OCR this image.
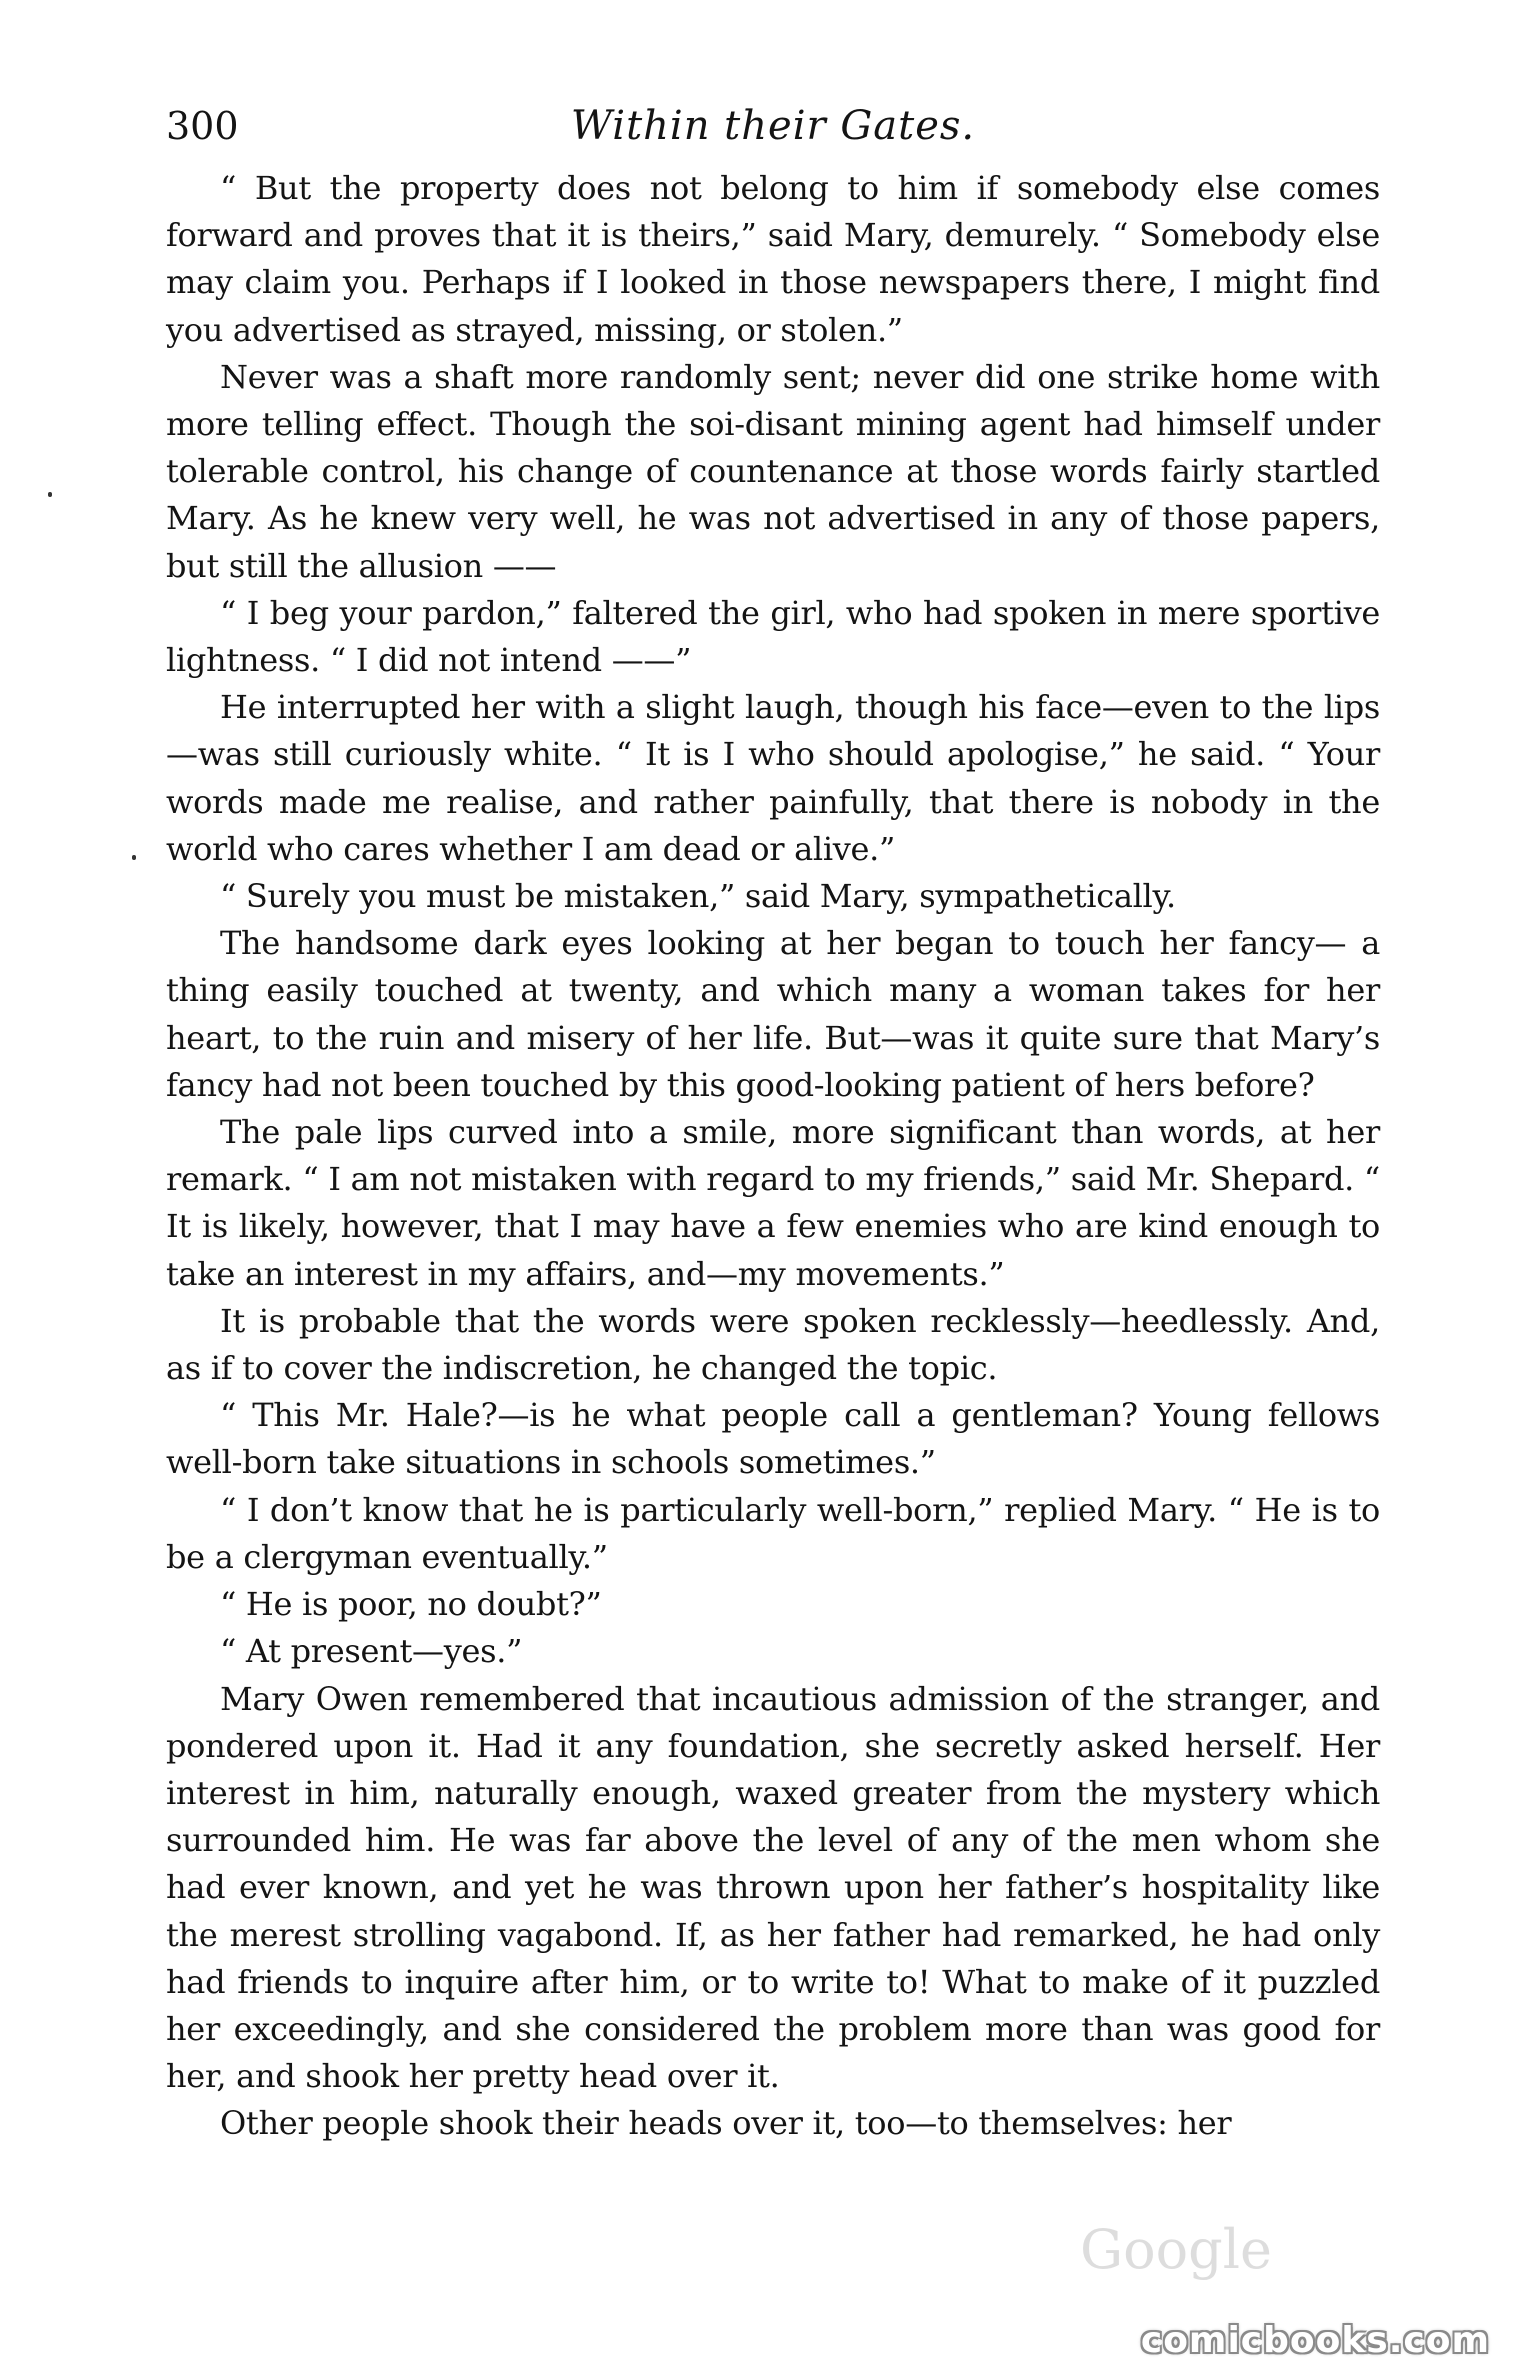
300	Within their Gates.

“ But the property does not belong to him if somebody else comes forward and proves that it is theirs,” said Mary, demurely. “ Somebody else may claim you. Perhaps if I looked in those newspapers there, I might find you advertised as strayed, missing, or stolen.”

Never was a shaft more randomly sent; never did one strike home with more telling effect. Though the soi-disant mining agent had himself under tolerable control, his change of countenance at those words fairly startled Mary. As he knew very well, he was not advertised in any of those papers, but still the allusion ——

“ I beg your pardon,” faltered the girl, who had spoken in mere sportive lightness. “ I did not intend ——”

He interrupted her with a slight laugh, though his face—even to the lips—was still curiously white. “ It is I who should apologise,” he said. “ Your words made me realise, and rather painfully, that there is nobody in the world who cares whether I am dead or alive.”

“ Surely you must be mistaken,” said Mary, sympathetically.

The handsome dark eyes looking at her began to touch her fancy— a thing easily touched at twenty, and which many a woman takes for her heart, to the ruin and misery of her life. But—was it quite sure that Mary’s fancy had not been touched by this good-looking patient of hers before?

The pale lips curved into a smile, more significant than words, at her remark. “ I am not mistaken with regard to my friends,” said Mr. Shepard. “ It is likely, however, that I may have a few enemies who are kind enough to take an interest in my affairs, and—my movements.”

It is probable that the words were spoken recklessly—heedlessly. And, as if to cover the indiscretion, he changed the topic.

“ This Mr. Hale?—is he what people call a gentleman? Young fellows well-born take situations in schools sometimes.”

“ I don’t know that he is particularly well-born,” replied Mary. “ He is to be a clergyman eventually.”

“ He is poor, no doubt?”

“ At present—yes.”

Mary Owen remembered that incautious admission of the stranger, and pondered upon it. Had it any foundation, she secretly asked herself. Her interest in him, naturally enough, waxed greater from the mystery which surrounded him. He was far above the level of any of the men whom she had ever known, and yet he was thrown upon her father’s hospitality like the merest strolling vagabond. If, as her father had remarked, he had only had friends to inquire after him, or to write to! What to make of it puzzled her exceedingly, and she considered the problem more than was good for her, and shook her pretty head over it.

Other people shook their heads over it, too—to themselves: her

Google
comicbooks.com
